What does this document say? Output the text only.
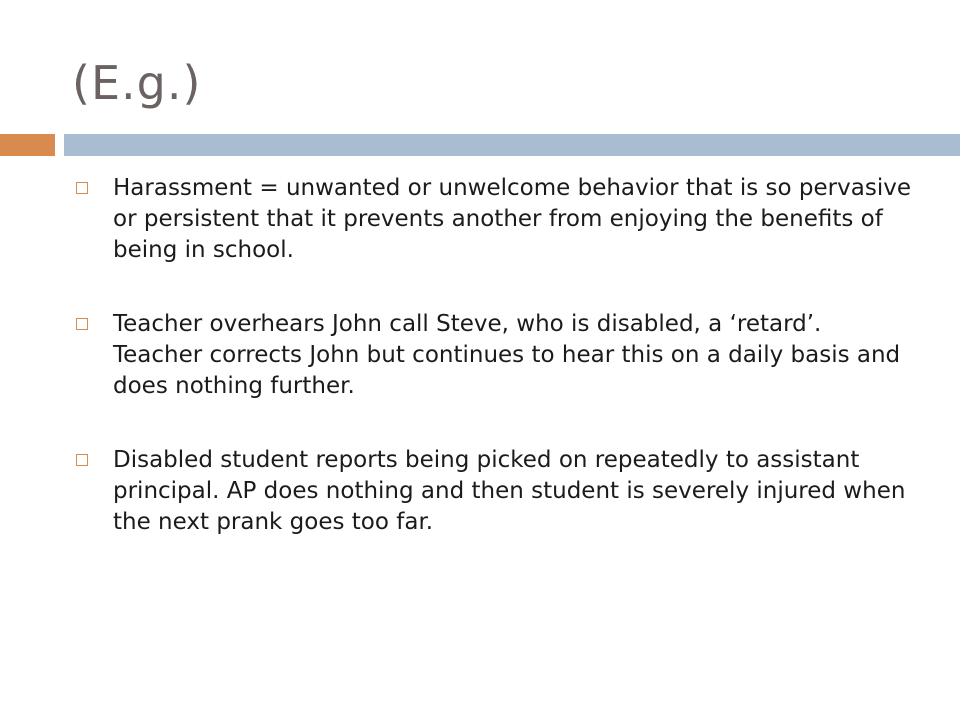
(E.g.)
Harassment = unwanted or unwelcome behavior that is so pervasive or persistent that it prevents another from enjoying the benefits of being in school.
Teacher overhears John call Steve, who is disabled, a ‘retard’. Teacher corrects John but continues to hear this on a daily basis and does nothing further.
Disabled student reports being picked on repeatedly to assistant principal. AP does nothing and then student is severely injured when the next prank goes too far.
